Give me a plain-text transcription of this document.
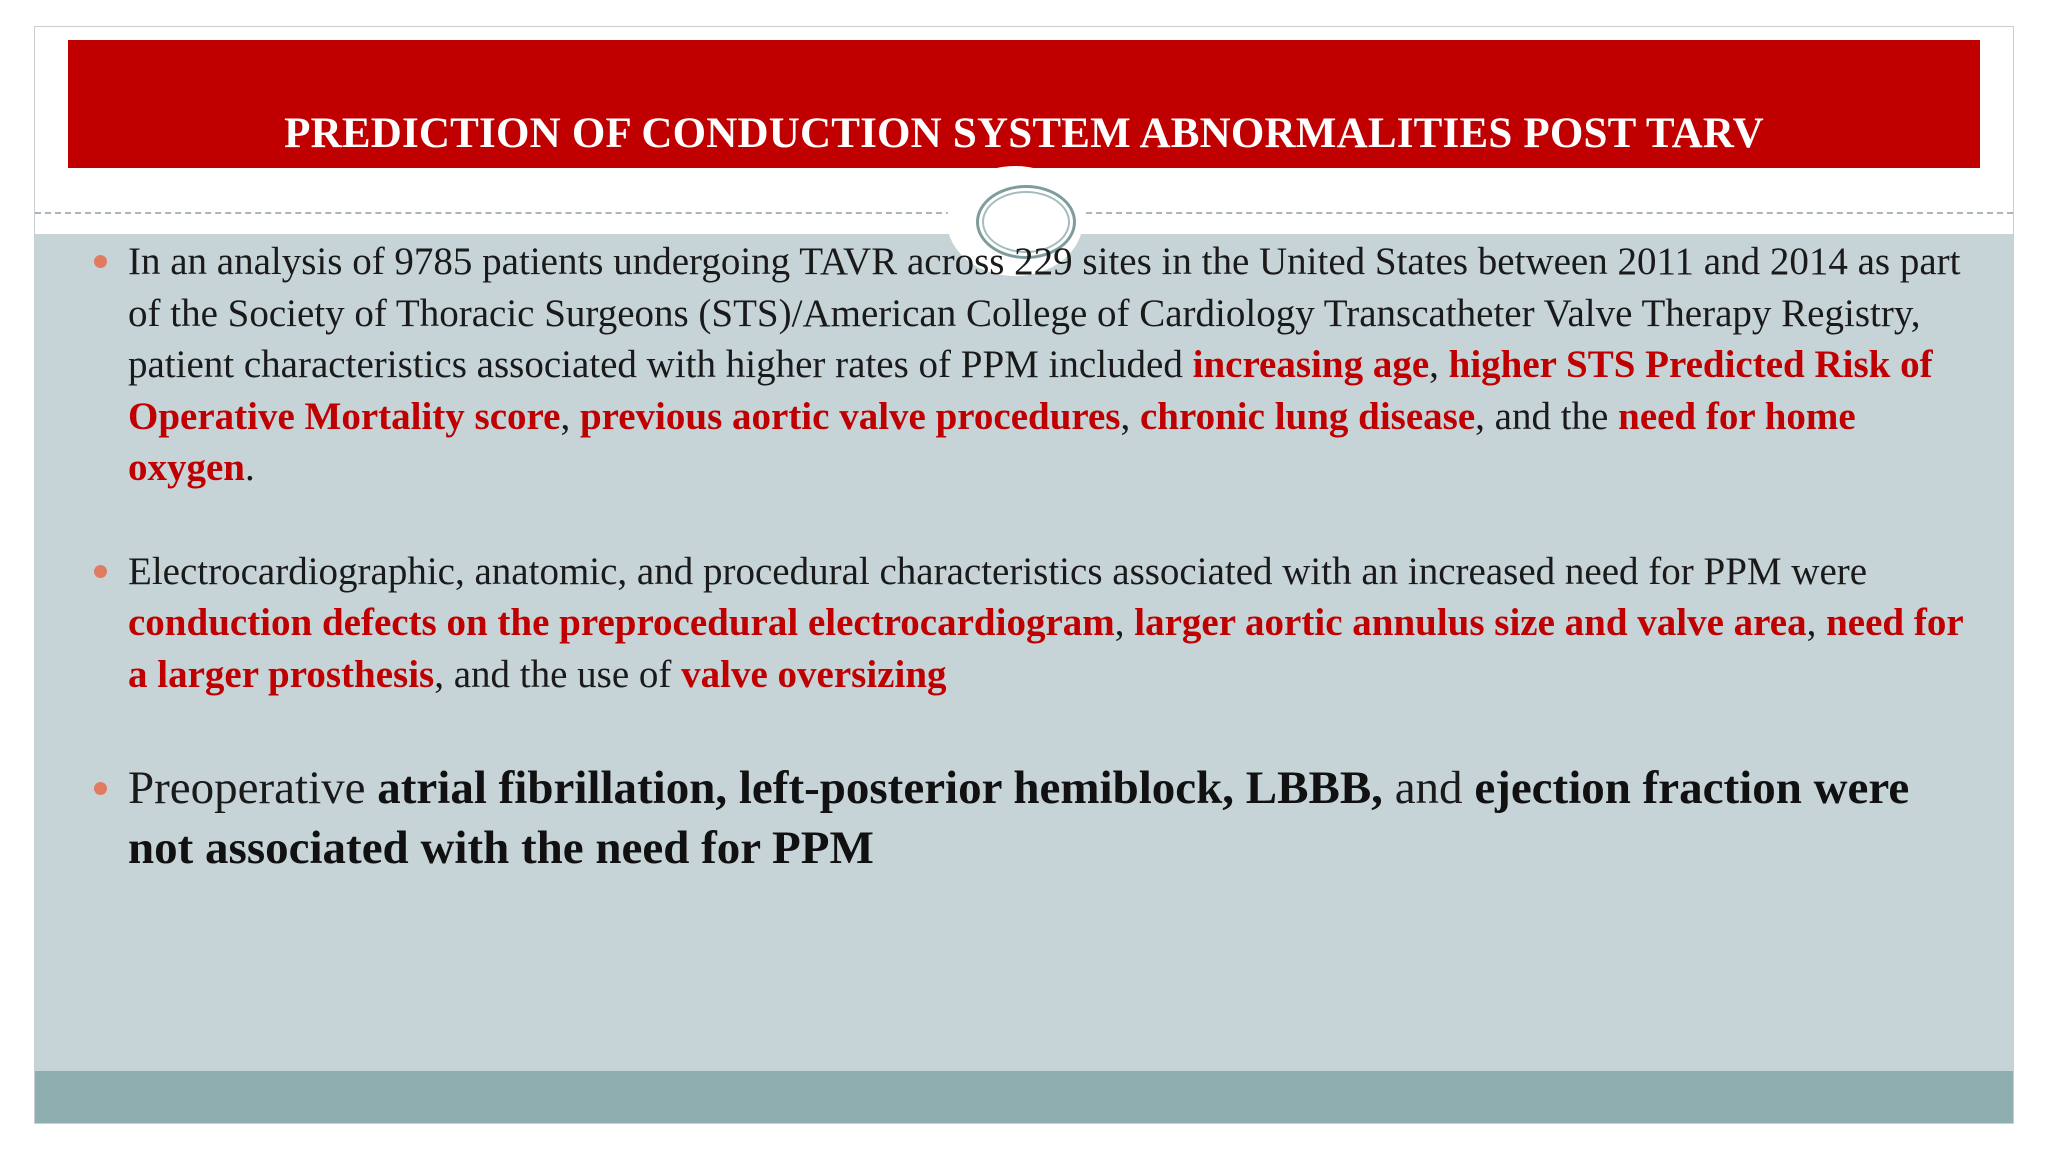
PREDICTION OF CONDUCTION SYSTEM ABNORMALITIES POST TARV
In an analysis of 9785 patients undergoing TAVR across 229 sites in the United States between 2011 and 2014 as part of the Society of Thoracic Surgeons (STS)/American College of Cardiology Transcatheter Valve Therapy Registry, patient characteristics associated with higher rates of PPM included increasing age, higher STS Predicted Risk of Operative Mortality score, previous aortic valve procedures, chronic lung disease, and the need for home oxygen.
Electrocardiographic, anatomic, and procedural characteristics associated with an increased need for PPM were conduction defects on the preprocedural electrocardiogram, larger aortic annulus size and valve area, need for a larger prosthesis, and the use of valve oversizing
Preoperative atrial fibrillation, left-posterior hemiblock, LBBB, and ejection fraction were not associated with the need for PPM
